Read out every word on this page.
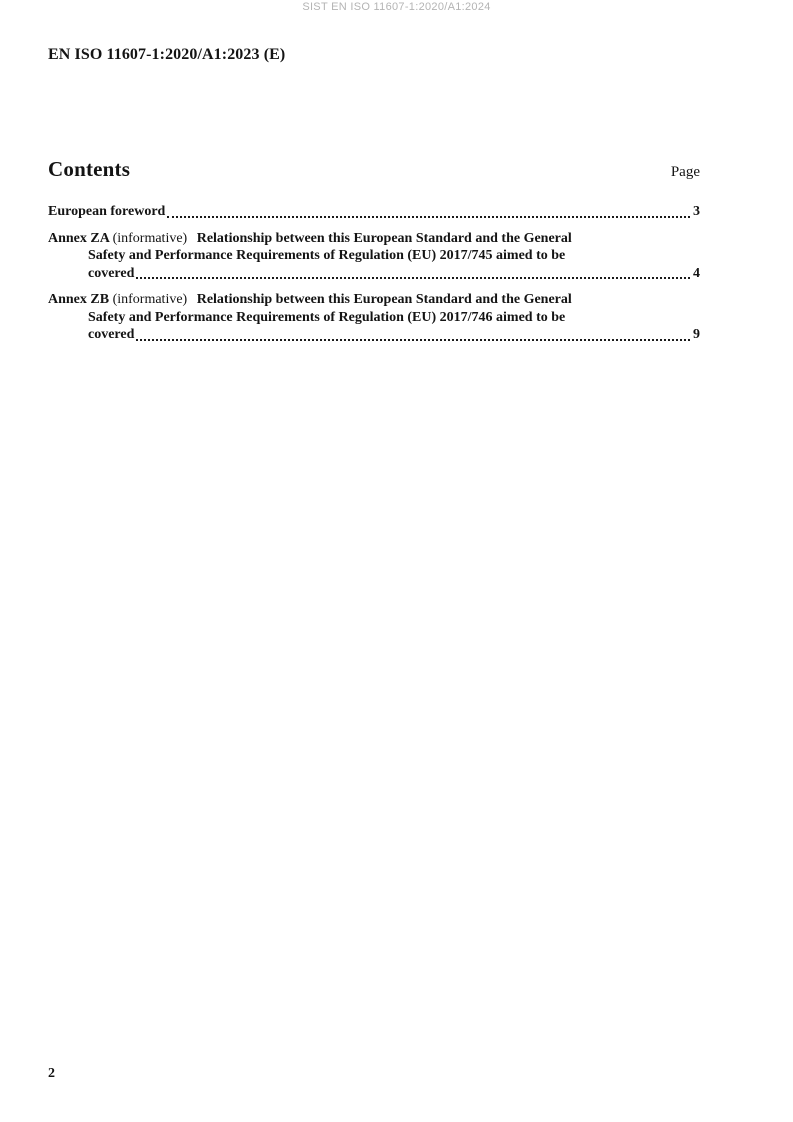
SIST EN ISO 11607-1:2020/A1:2024
EN ISO 11607-1:2020/A1:2023 (E)
Contents	Page
European foreword	3
Annex ZA (informative) Relationship between this European Standard and the General
Safety and Performance Requirements of Regulation (EU) 2017/745 aimed to be
covered	4
Annex ZB (informative) Relationship between this European Standard and the General
Safety and Performance Requirements of Regulation (EU) 2017/746 aimed to be
covered	9
2
